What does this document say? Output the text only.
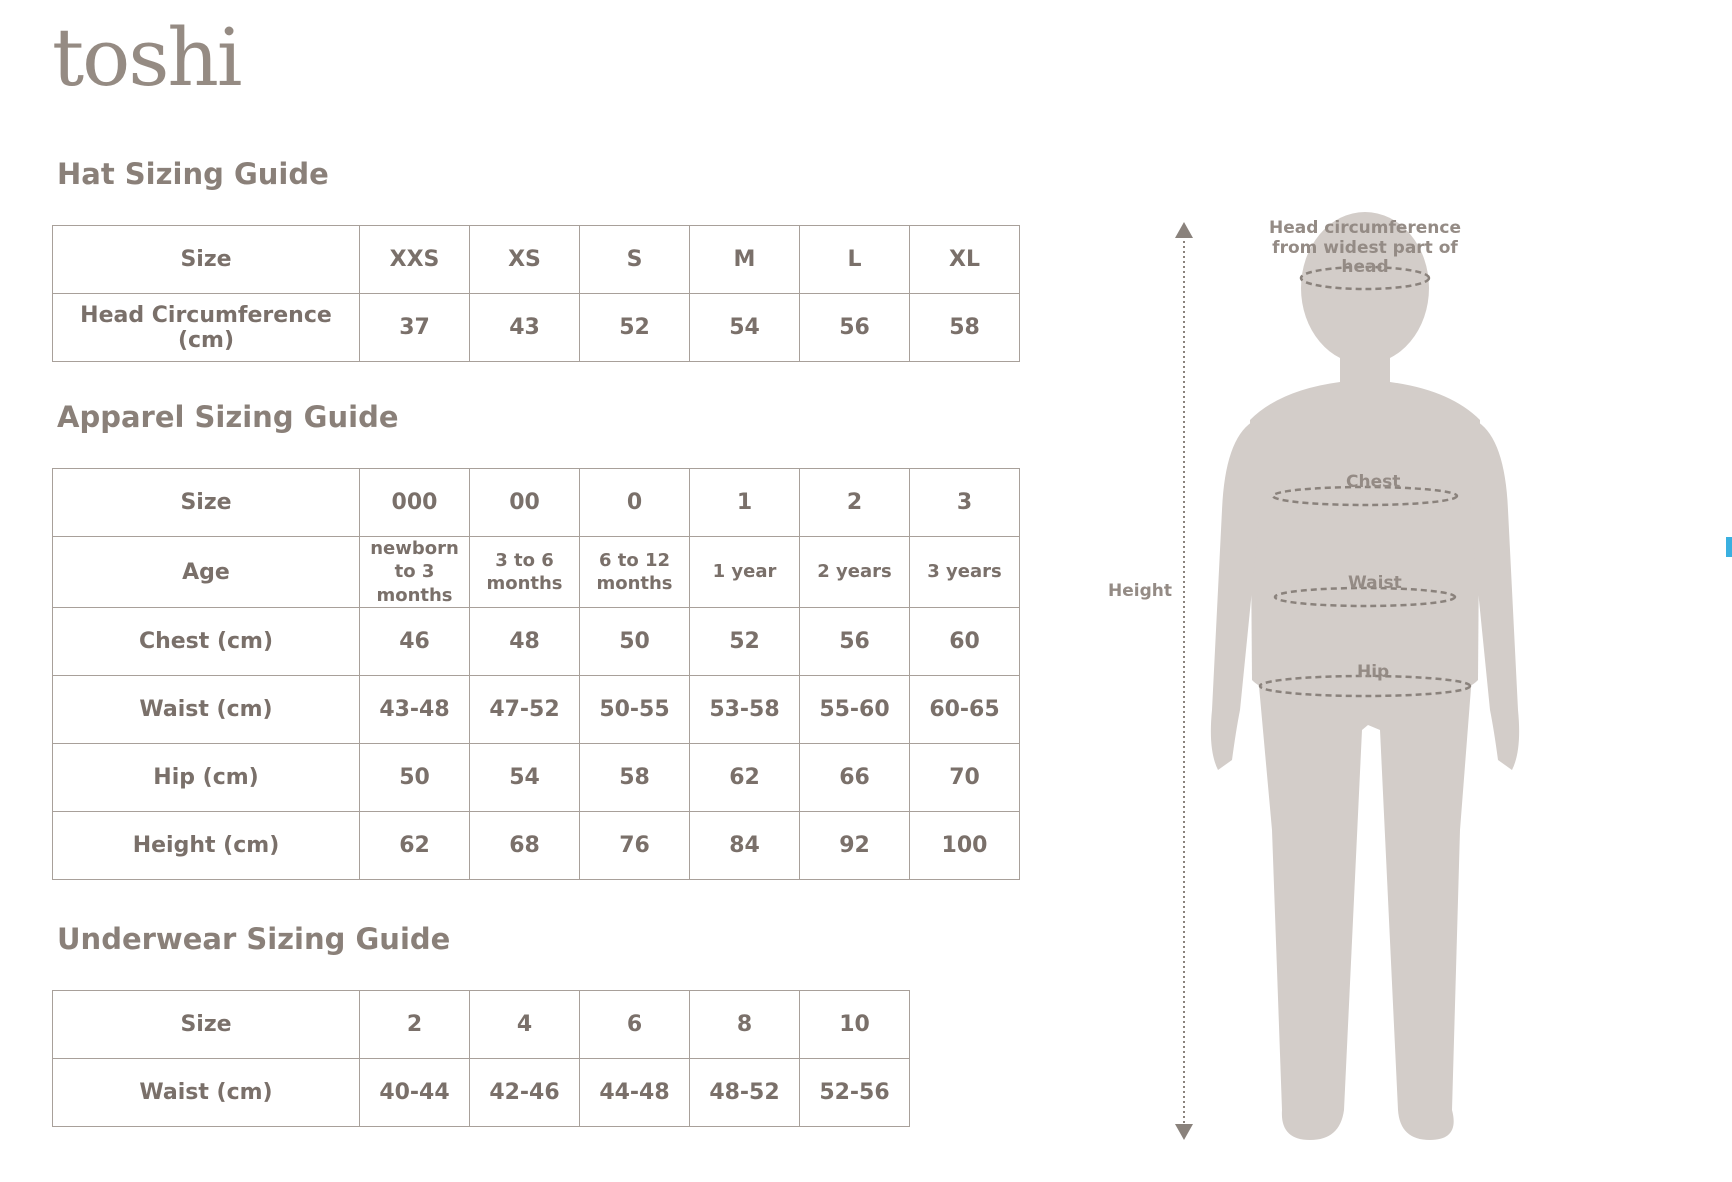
toshi
Hat Sizing Guide
Size	XXS	XS	S	M	L	XL
Head Circumference (cm)	37	43	52	54	56	58
Apparel Sizing Guide
Size	000	00	0	1	2	3
Age	newborn to 3 months	3 to 6 months	6 to 12 months	1 year	2 years	3 years
Chest (cm)	46	48	50	52	56	60
Waist (cm)	43-48	47-52	50-55	53-58	55-60	60-65
Hip (cm)	50	54	58	62	66	70
Height (cm)	62	68	76	84	92	100
Underwear Sizing Guide
Size	2	4	6	8	10
Waist (cm)	40-44	42-46	44-48	48-52	52-56
Height
Head circumference from widest part of head
Chest
Waist
Hip
